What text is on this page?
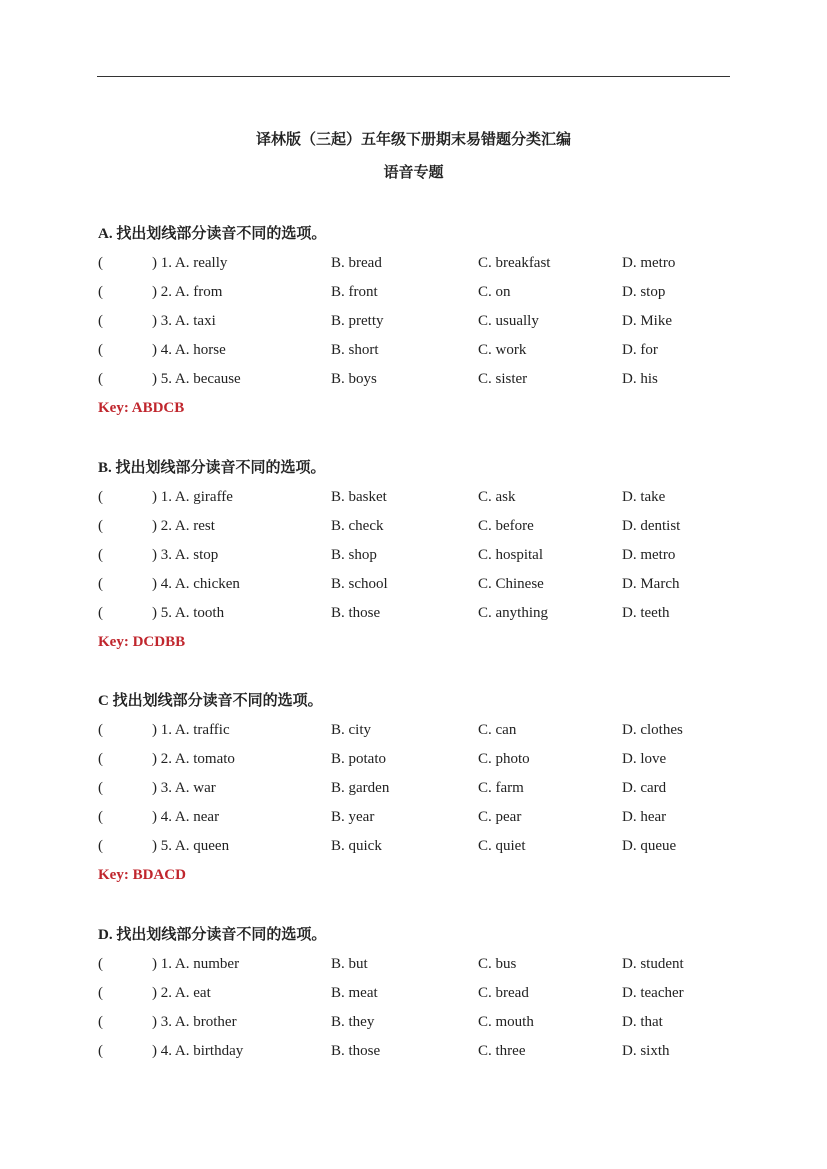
译林版（三起）五年级下册期末易错题分类汇编
语音专题
A. 找出划线部分读音不同的选项。
(	) 1. A. really	B. bread	C. breakfast	D. metro
(	) 2. A. from	B. front	C. on	D. stop
(	) 3. A. taxi	B. pretty	C. usually	D. Mike
(	) 4. A. horse	B. short	C. work	D. for
(	) 5. A. because	B. boys	C. sister	D. his
Key: ABDCB
B. 找出划线部分读音不同的选项。
(	) 1. A. giraffe	B. basket	C. ask	D. take
(	) 2. A. rest	B. check	C. before	D. dentist
(	) 3. A. stop	B. shop	C. hospital	D. metro
(	) 4. A. chicken	B. school	C. Chinese	D. March
(	) 5. A. tooth	B. those	C. anything	D. teeth
Key: DCDBB
C 找出划线部分读音不同的选项。
(	) 1. A. traffic	B. city	C. can	D. clothes
(	) 2. A. tomato	B. potato	C. photo	D. love
(	) 3. A. war	B. garden	C. farm	D. card
(	) 4. A. near	B. year	C. pear	D. hear
(	) 5. A. queen	B. quick	C. quiet	D. queue
Key: BDACD
D. 找出划线部分读音不同的选项。
(	) 1. A. number	B. but	C. bus	D. student
(	) 2. A. eat	B. meat	C. bread	D. teacher
(	) 3. A. brother	B. they	C. mouth	D. that
(	) 4. A. birthday	B. those	C. three	D. sixth
